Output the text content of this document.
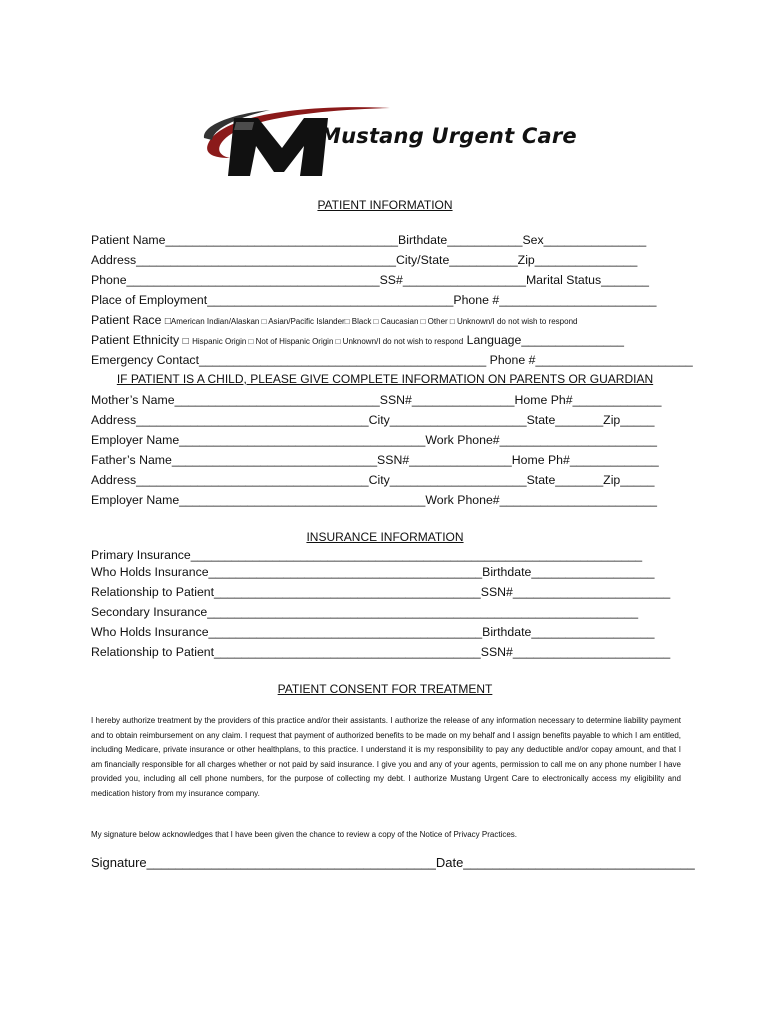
Mustang Urgent Care
PATIENT INFORMATION
Patient Name__________________________________Birthdate___________Sex_______________
Address______________________________________City/State__________Zip_______________
Phone_____________________________________SS#__________________Marital Status_______
Place of Employment____________________________________Phone #_______________________
Patient Race □American Indian/Alaskan □ Asian/Pacific Islander□ Black □ Caucasian □ Other □ Unknown/I do not wish to respond
Patient Ethnicity □ Hispanic Origin □ Not of Hispanic Origin □ Unknown/I do not wish to respond Language_______________
Emergency Contact__________________________________________ Phone #_______________________
IF PATIENT IS A CHILD, PLEASE GIVE COMPLETE INFORMATION ON PARENTS OR GUARDIAN
Mother’s Name______________________________SSN#_______________Home Ph#_____________
Address__________________________________City____________________State_______Zip_____
Employer Name____________________________________Work Phone#_______________________
Father’s Name______________________________SSN#_______________Home Ph#_____________
Address__________________________________City____________________State_______Zip_____
Employer Name____________________________________Work Phone#_______________________
INSURANCE INFORMATION
Primary Insurance__________________________________________________________________
Who Holds Insurance________________________________________Birthdate__________________
Relationship to Patient_______________________________________SSN#_______________________
Secondary Insurance_______________________________________________________________
Who Holds Insurance________________________________________Birthdate__________________
Relationship to Patient_______________________________________SSN#_______________________
PATIENT CONSENT FOR TREATMENT
I hereby authorize treatment by the providers of this practice and/or their assistants. I authorize the release of any information necessary to determine liability payment and to obtain reimbursement on any claim. I request that payment of authorized benefits to be made on my behalf and I assign benefits payable to which I am entitled, including Medicare, private insurance or other healthplans, to this practice. I understand it is my responsibility to pay any deductible and/or copay amount, and that I am financially responsible for all charges whether or not paid by said insurance. I give you and any of your agents, permission to call me on any phone number I have provided you, including all cell phone numbers, for the purpose of collecting my debt. I authorize Mustang Urgent Care to electronically access my eligibility and medication history from my insurance company.
My signature below acknowledges that I have been given the chance to review a copy of the Notice of Privacy Practices.
Signature________________________________________Date________________________________
